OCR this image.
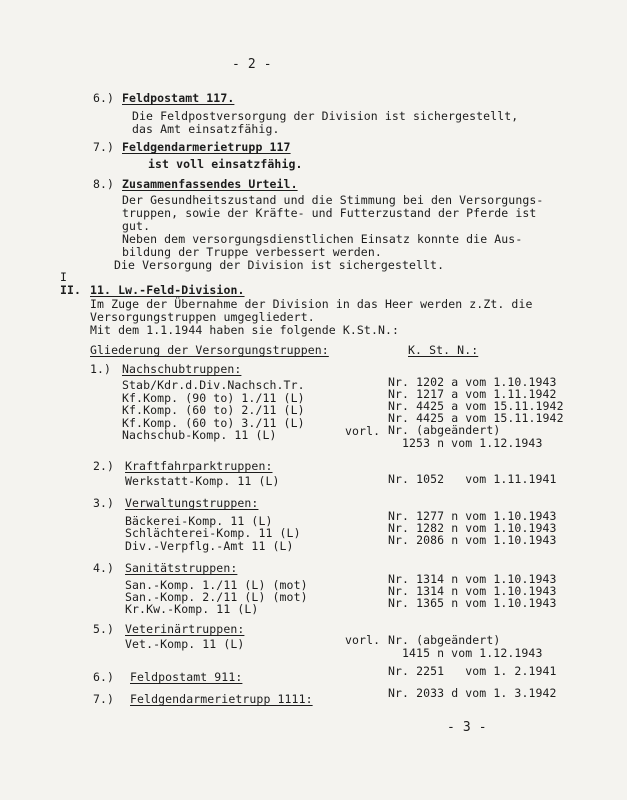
- 2 -
6.) Feldpostamt 117.
Die Feldpostversorgung der Division ist sichergestellt,
das Amt einsatzfähig.
7.) Feldgendarmerietrupp 117
ist voll einsatzfähig.
8.) Zusammenfassendes Urteil.
Der Gesundheitszustand und die Stimmung bei den Versorgungs-
truppen, sowie der Kräfte- und Futterzustand der Pferde ist
gut.
Neben dem versorgungsdienstlichen Einsatz konnte die Aus-
bildung der Truppe verbessert werden.
Die Versorgung der Division ist sichergestellt.
I
II. 11. Lw.-Feld-Division.
Im Zuge der Übernahme der Division in das Heer werden z.Zt. die
Versorgungstruppen umgegliedert.
Mit dem 1.1.1944 haben sie folgende K.St.N.:
Gliederung der Versorgungstruppen:	K. St. N.:
1.) Nachschubtruppen:
Stab/Kdr.d.Div.Nachsch.Tr.	Nr. 1202 a vom 1.10.1943
Kf.Komp. (90 to) 1./11 (L)	Nr. 1217 a vom 1.11.1942
Kf.Komp. (60 to) 2./11 (L)	Nr. 4425 a vom 15.11.1942
Kf.Komp. (60 to) 3./11 (L)	Nr. 4425 a vom 15.11.1942
Nachschub-Komp. 11 (L)	vorl. Nr. (abgeändert)
1253 n vom 1.12.1943
2.) Kraftfahrparktruppen:
Werkstatt-Komp. 11 (L)	Nr. 1052   vom 1.11.1941
3.) Verwaltungstruppen:
Bäckerei-Komp. 11 (L)	Nr. 1277 n vom 1.10.1943
Schlächterei-Komp. 11 (L)	Nr. 1282 n vom 1.10.1943
Div.-Verpflg.-Amt 11 (L)	Nr. 2086 n vom 1.10.1943
4.) Sanitätstruppen:
San.-Komp. 1./11 (L) (mot)	Nr. 1314 n vom 1.10.1943
San.-Komp. 2./11 (L) (mot)	Nr. 1314 n vom 1.10.1943
Kr.Kw.-Komp. 11 (L)	Nr. 1365 n vom 1.10.1943
5.) Veterinärtruppen:
Vet.-Komp. 11 (L)	vorl. Nr. (abgeändert)
1415 n vom 1.12.1943
6.) Feldpostamt 911:	Nr. 2251   vom 1. 2.1941
7.) Feldgendarmerietrupp 1111:	Nr. 2033 d vom 1. 3.1942
- 3 -
